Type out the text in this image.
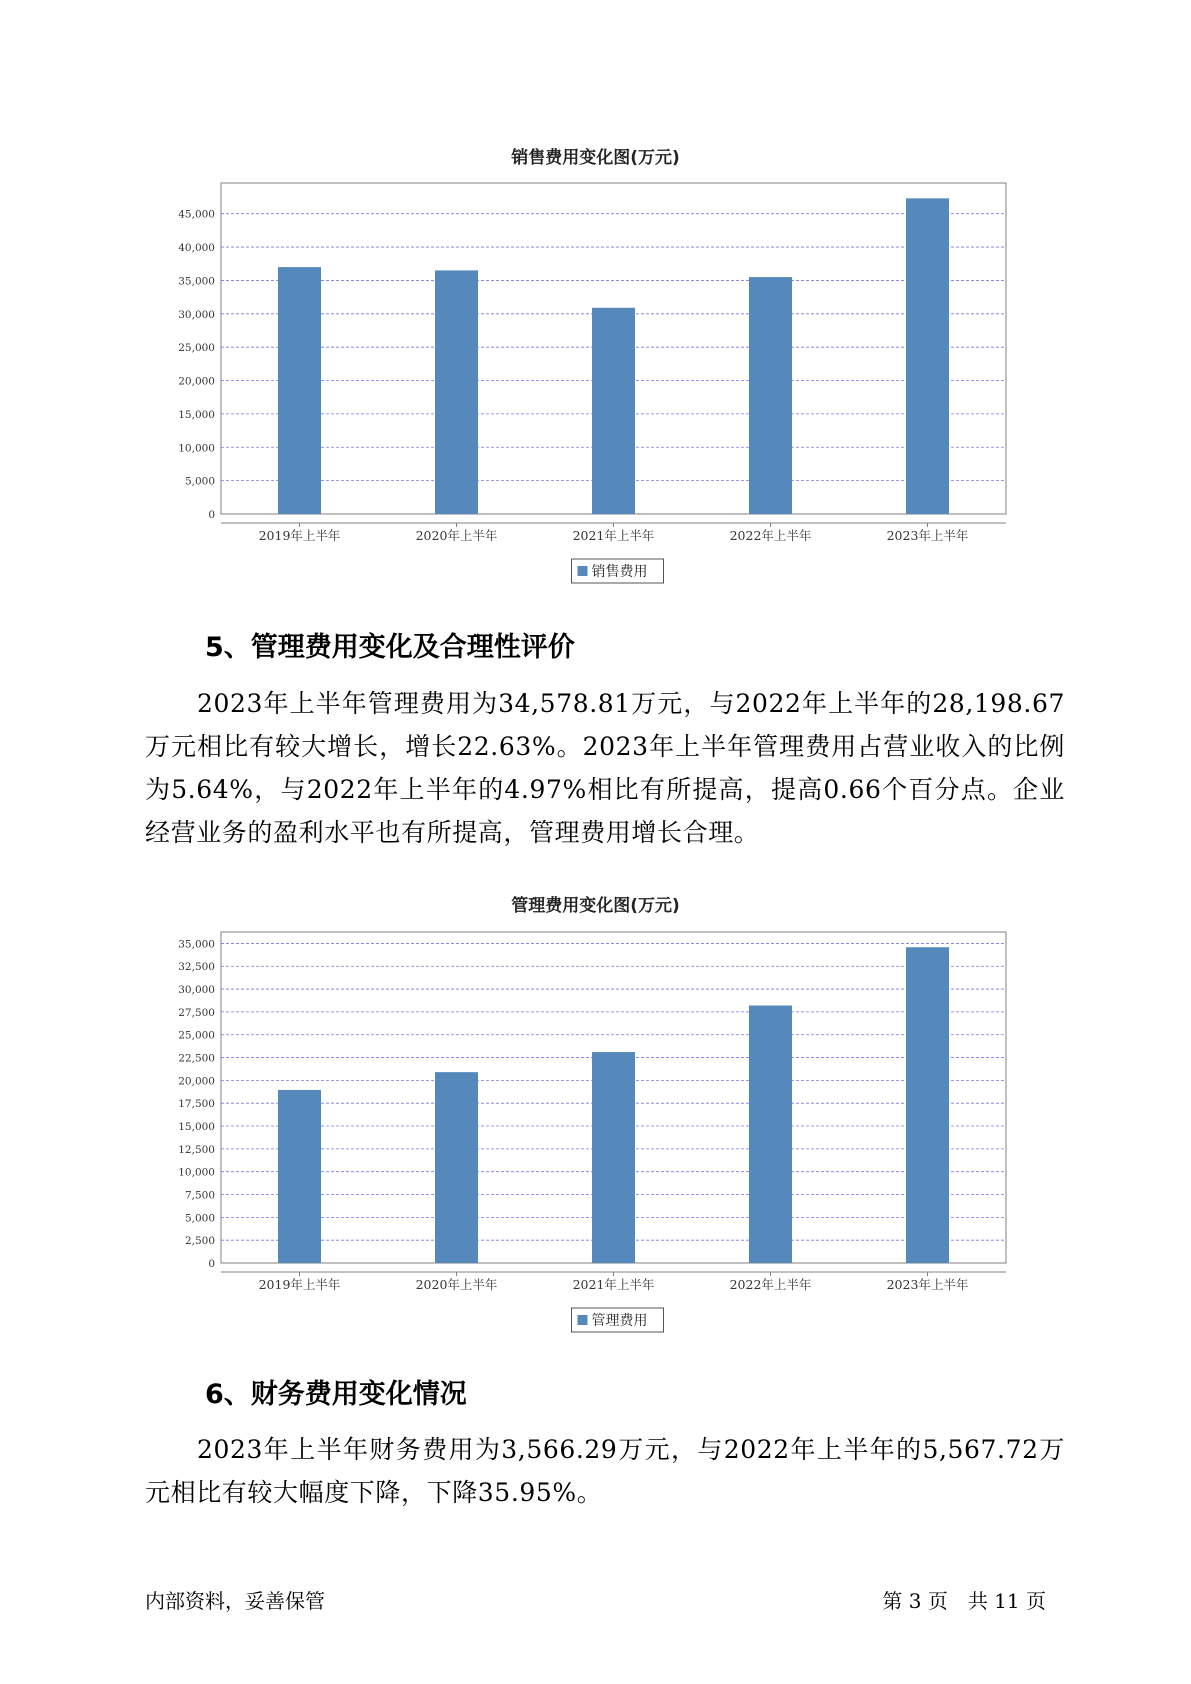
销售费用变化图(万元)
0
5,000
10,000
15,000
20,000
25,000
30,000
35,000
40,000
45,000
2019年上半年	2020年上半年	2021年上半年	2022年上半年	2023年上半年
销售费用
5、管理费用变化及合理性评价

2023年上半年管理费用为34,578.81万元，与2022年上半年的28,198.67万元相比有较大增长，增长22.63%。2023年上半年管理费用占营业收入的比例为5.64%，与2022年上半年的4.97%相比有所提高，提高0.66个百分点。企业经营业务的盈利水平也有所提高，管理费用增长合理。

管理费用变化图(万元)
0
2,500
5,000
7,500
10,000
12,500
15,000
17,500
20,000
22,500
25,000
27,500
30,000
32,500
35,000
2019年上半年	2020年上半年	2021年上半年	2022年上半年	2023年上半年
管理费用
6、财务费用变化情况

2023年上半年财务费用为3,566.29万元，与2022年上半年的5,567.72万元相比有较大幅度下降，下降35.95%。

内部资料，妥善保管	第 3 页　共 11 页
